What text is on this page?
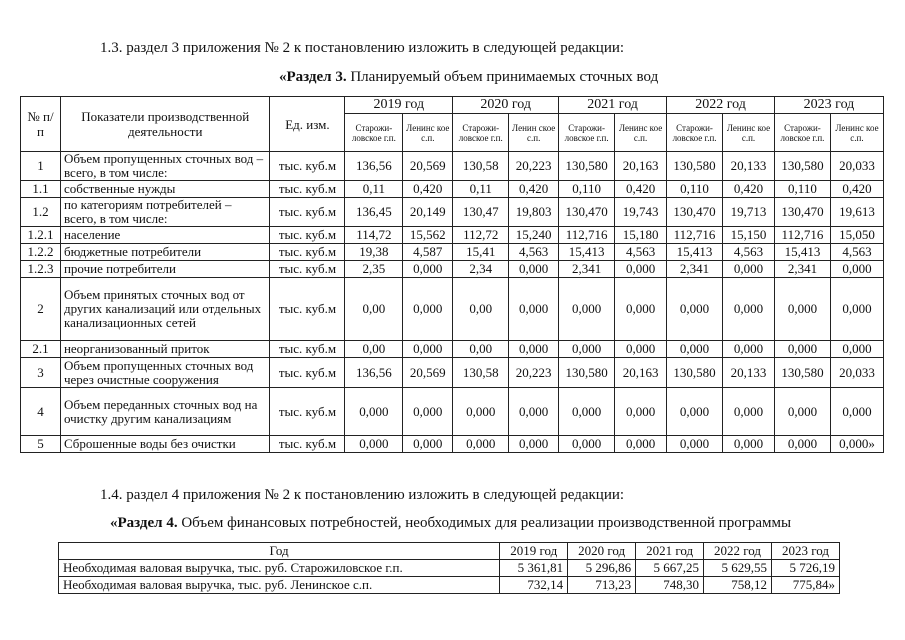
1.3. раздел 3 приложения № 2 к постановлению изложить в следующей редакции:
«Раздел 3. Планируемый объем принимаемых сточных вод
№ п/п	Показатели производственной деятельности	Ед. изм.	2019 год		2020 год		2021 год		2022 год		2023 год	
			Старожи-ловское г.п.	Ленинс кое с.п.	Старожи-ловское г.п.	Ленин ское с.п.	Старожи-ловское г.п.	Ленинс кое с.п.	Старожи-ловское г.п.	Ленинс кое с.п.	Старожи-ловское г.п.	Ленинс кое с.п.
1	Объем пропущенных сточных вод – всего, в том числе:	тыс. куб.м	136,56	20,569	130,58	20,223	130,580	20,163	130,580	20,133	130,580	20,033
1.1	собственные нужды	тыс. куб.м	0,11	0,420	0,11	0,420	0,110	0,420	0,110	0,420	0,110	0,420
1.2	по категориям потребителей – всего, в том числе:	тыс. куб.м	136,45	20,149	130,47	19,803	130,470	19,743	130,470	19,713	130,470	19,613
1.2.1	население	тыс. куб.м	114,72	15,562	112,72	15,240	112,716	15,180	112,716	15,150	112,716	15,050
1.2.2	бюджетные потребители	тыс. куб.м	19,38	4,587	15,41	4,563	15,413	4,563	15,413	4,563	15,413	4,563
1.2.3	прочие потребители	тыс. куб.м	2,35	0,000	2,34	0,000	2,341	0,000	2,341	0,000	2,341	0,000
2	Объем принятых сточных вод от других канализаций или отдельных канализационных сетей	тыс. куб.м	0,00	0,000	0,00	0,000	0,000	0,000	0,000	0,000	0,000	0,000
2.1	неорганизованный приток	тыс. куб.м	0,00	0,000	0,00	0,000	0,000	0,000	0,000	0,000	0,000	0,000
3	Объем пропущенных сточных вод через очистные сооружения	тыс. куб.м	136,56	20,569	130,58	20,223	130,580	20,163	130,580	20,133	130,580	20,033
4	Объем переданных сточных вод на очистку другим канализациям	тыс. куб.м	0,000	0,000	0,000	0,000	0,000	0,000	0,000	0,000	0,000	0,000
5	Сброшенные воды без очистки	тыс. куб.м	0,000	0,000	0,000	0,000	0,000	0,000	0,000	0,000	0,000	0,000»
1.4. раздел 4 приложения № 2 к постановлению изложить в следующей редакции:
«Раздел 4. Объем финансовых потребностей, необходимых для реализации производственной программы
Год	2019 год	2020 год	2021 год	2022 год	2023 год
Необходимая валовая выручка, тыс. руб. Старожиловское г.п.	5 361,81	5 296,86	5 667,25	5 629,55	5 726,19
Необходимая валовая выручка, тыс. руб. Ленинское с.п.	732,14	713,23	748,30	758,12	775,84»
